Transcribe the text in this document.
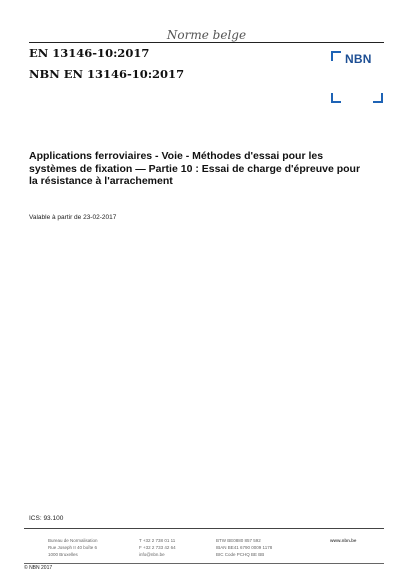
Norme belge
EN 13146-10:2017
NBN EN 13146-10:2017
NBN
Applications ferroviaires - Voie - Méthodes d'essai pour les
systèmes de fixation — Partie 10 : Essai de charge d'épreuve pour
la résistance à l'arrachement
Valable à partir de 23-02-2017
ICS: 93.100
Bureau de Normalisation
Rue Joseph II 40 boîte 6
1000 Bruxelles
T +32 2 738 01 11
F +32 2 733 42 64
info@nbn.be
BTW BE0880 857 592
IBAN BE41 6790 0009 1178
BIC Code PCHQ BE BB
www.nbn.be
© NBN 2017
